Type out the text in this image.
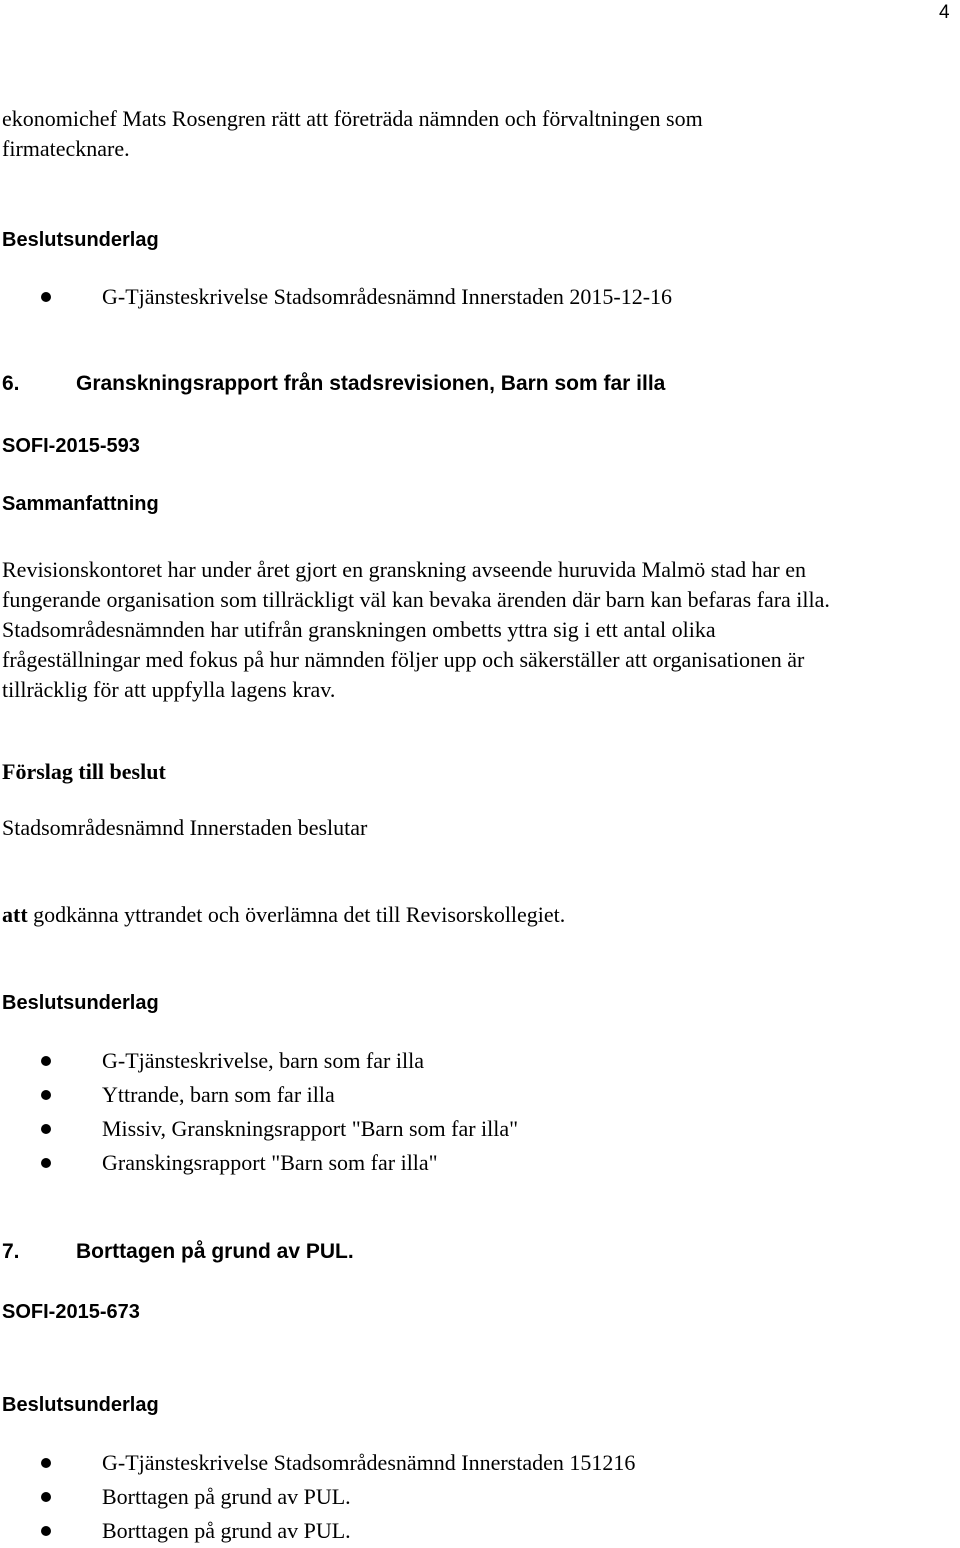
4
ekonomichef Mats Rosengren rätt att företräda nämnden och förvaltningen som
firmatecknare.
Beslutsunderlag
G-Tjänsteskrivelse Stadsområdesnämnd Innerstaden 2015-12-16
6.	Granskningsrapport från stadsrevisionen, Barn som far illa
SOFI-2015-593
Sammanfattning
Revisionskontoret har under året gjort en granskning avseende huruvida Malmö stad har en
fungerande organisation som tillräckligt väl kan bevaka ärenden där barn kan befaras fara illa.
Stadsområdesnämnden har utifrån granskningen ombetts yttra sig i ett antal olika
frågeställningar med fokus på hur nämnden följer upp och säkerställer att organisationen är
tillräcklig för att uppfylla lagens krav.
Förslag till beslut
Stadsområdesnämnd Innerstaden beslutar
att godkänna yttrandet och överlämna det till Revisorskollegiet.
Beslutsunderlag
G-Tjänsteskrivelse, barn som far illa
Yttrande, barn som far illa
Missiv, Granskningsrapport "Barn som far illa"
Granskingsrapport "Barn som far illa"
7.	Borttagen på grund av PUL.
SOFI-2015-673
Beslutsunderlag
G-Tjänsteskrivelse Stadsområdesnämnd Innerstaden 151216
Borttagen på grund av PUL.
Borttagen på grund av PUL.
